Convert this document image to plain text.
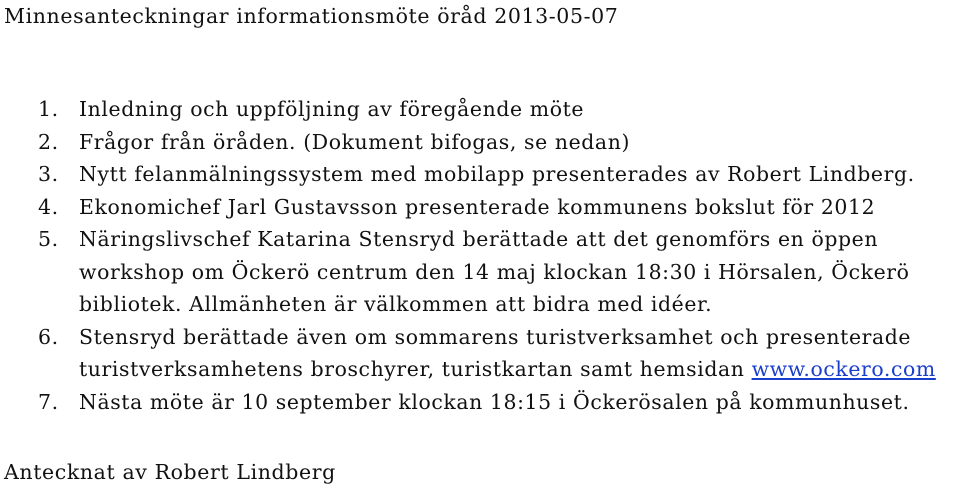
Minnesanteckningar informationsmöte öråd 2013-05-07
1. Inledning och uppföljning av föregående möte
2. Frågor från öråden. (Dokument bifogas, se nedan)
3. Nytt felanmälningssystem med mobilapp presenterades av Robert Lindberg.
4. Ekonomichef Jarl Gustavsson presenterade kommunens bokslut för 2012
5. Näringslivschef Katarina Stensryd berättade att det genomförs en öppen
workshop om Öckerö centrum den 14 maj klockan 18:30 i Hörsalen, Öckerö
bibliotek. Allmänheten är välkommen att bidra med idéer.
6. Stensryd berättade även om sommarens turistverksamhet och presenterade
turistverksamhetens broschyrer, turistkartan samt hemsidan www.ockero.com
7. Nästa möte är 10 september klockan 18:15 i Öckerösalen på kommunhuset.
Antecknat av Robert Lindberg
